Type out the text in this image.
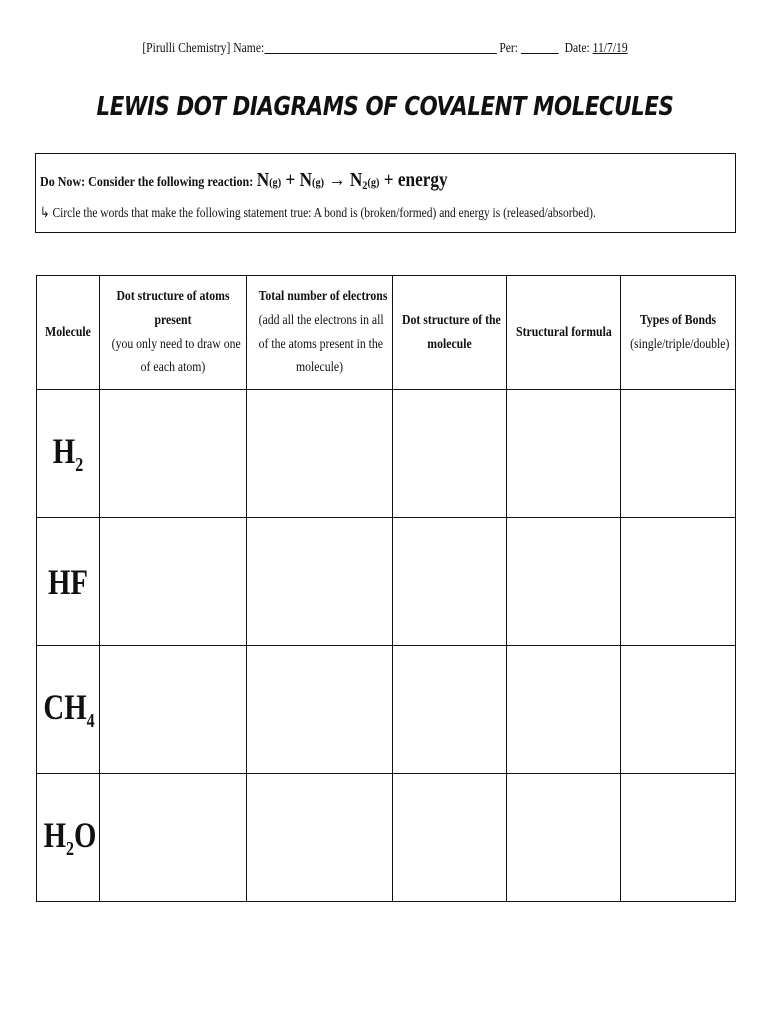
[Pirulli Chemistry] Name:	Per:	Date: 11/7/19
LEWIS DOT DIAGRAMS OF COVALENT MOLECULES
Do Now: Consider the following reaction: $N(g) + N(g) \to N_2(g)$ + energy
↳ Circle the words that make the following statement true: A bond is (broken/formed) and energy is (released/absorbed).
Molecule	Dot structure of atoms
present
(you only need to draw one
of each atom)	Total number of electrons
(add all the electrons in all
of the atoms present in the
molecule)	Dot structure of the
molecule	Structural formula	Types of Bonds
(single/triple/double)

$H_2$					
HF					
$CH_4$					
$H_2O$					
